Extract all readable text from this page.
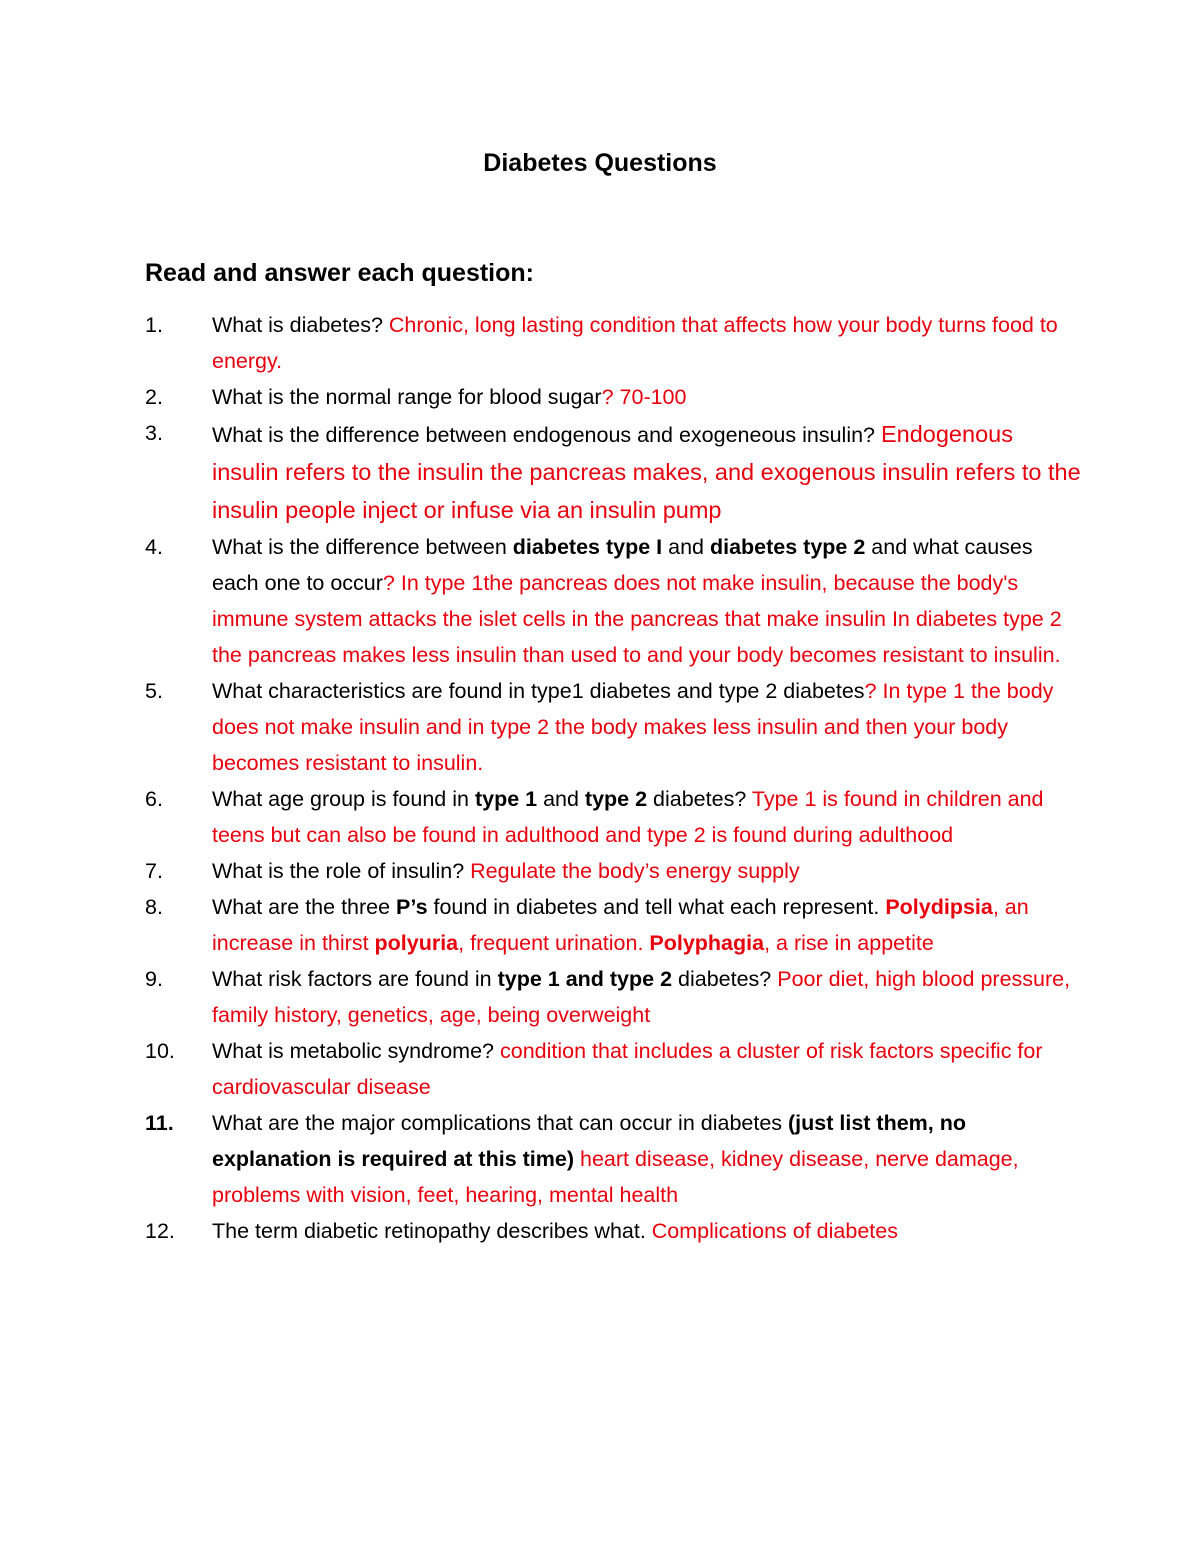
Diabetes Questions
Read and answer each question:
1.	What is diabetes? Chronic, long lasting condition that affects how your body turns food to energy.
2.	What is the normal range for blood sugar? 70-100
3.	What is the difference between endogenous and exogeneous insulin? Endogenous insulin refers to the insulin the pancreas makes, and exogenous insulin refers to the insulin people inject or infuse via an insulin pump
4.	What is the difference between diabetes type I and diabetes type 2 and what causes each one to occur? In type 1the pancreas does not make insulin, because the body's immune system attacks the islet cells in the pancreas that make insulin In diabetes type 2 the pancreas makes less insulin than used to and your body becomes resistant to insulin.
5.	What characteristics are found in type1 diabetes and type 2 diabetes? In type 1 the body does not make insulin and in type 2 the body makes less insulin and then your body becomes resistant to insulin.
6.	What age group is found in type 1 and type 2 diabetes? Type 1 is found in children and teens but can also be found in adulthood and type 2 is found during adulthood
7.	What is the role of insulin? Regulate the body’s energy supply
8.	What are the three P’s found in diabetes and tell what each represent. Polydipsia, an increase in thirst polyuria, frequent urination. Polyphagia, a rise in appetite
9.	What risk factors are found in type 1 and type 2 diabetes? Poor diet, high blood pressure, family history, genetics, age, being overweight
10.	What is metabolic syndrome? condition that includes a cluster of risk factors specific for cardiovascular disease
11.	What are the major complications that can occur in diabetes (just list them, no explanation is required at this time) heart disease, kidney disease, nerve damage, problems with vision, feet, hearing, mental health
12.	The term diabetic retinopathy describes what. Complications of diabetes
